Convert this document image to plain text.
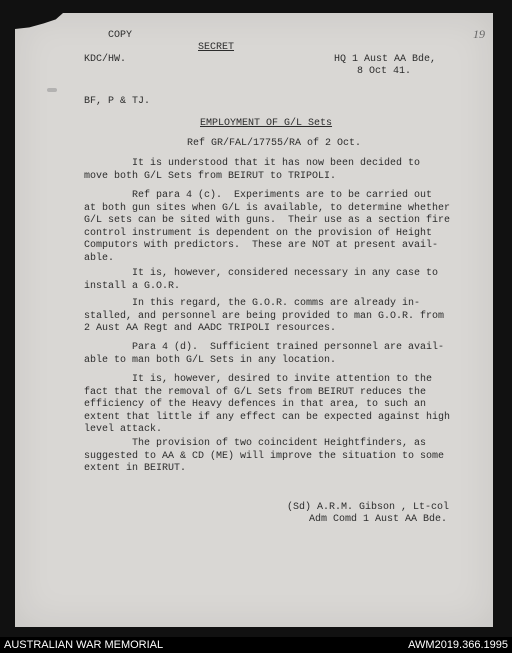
19
COPY
SECRET
KDC/HW.	HQ 1 Aust AA Bde,
8 Oct 41.
BF, P & TJ.
EMPLOYMENT OF G/L Sets
Ref GR/FAL/17755/RA of 2 Oct.
It is understood that it has now been decided to
move both G/L Sets from BEIRUT to TRIPOLI.
Ref para 4 (c).  Experiments are to be carried out
at both gun sites when G/L is available, to determine whether
G/L sets can be sited with guns.  Their use as a section fire
control instrument is dependent on the provision of Height
Computors with predictors.  These are NOT at present avail-
able.
It is, however, considered necessary in any case to
install a G.O.R.
In this regard, the G.O.R. comms are already in-
stalled, and personnel are being provided to man G.O.R. from
2 Aust AA Regt and AADC TRIPOLI resources.
Para 4 (d).  Sufficient trained personnel are avail-
able to man both G/L Sets in any location.
It is, however, desired to invite attention to the
fact that the removal of G/L Sets from BEIRUT reduces the
efficiency of the Heavy defences in that area, to such an
extent that little if any effect can be expected against high
level attack.
The provision of two coincident Heightfinders, as
suggested to AA & CD (ME) will improve the situation to some
extent in BEIRUT.
(Sd) A.R.M. Gibson , Lt-col
Adm Comd 1 Aust AA Bde.
AUSTRALIAN WAR MEMORIAL	AWM2019.366.1995
